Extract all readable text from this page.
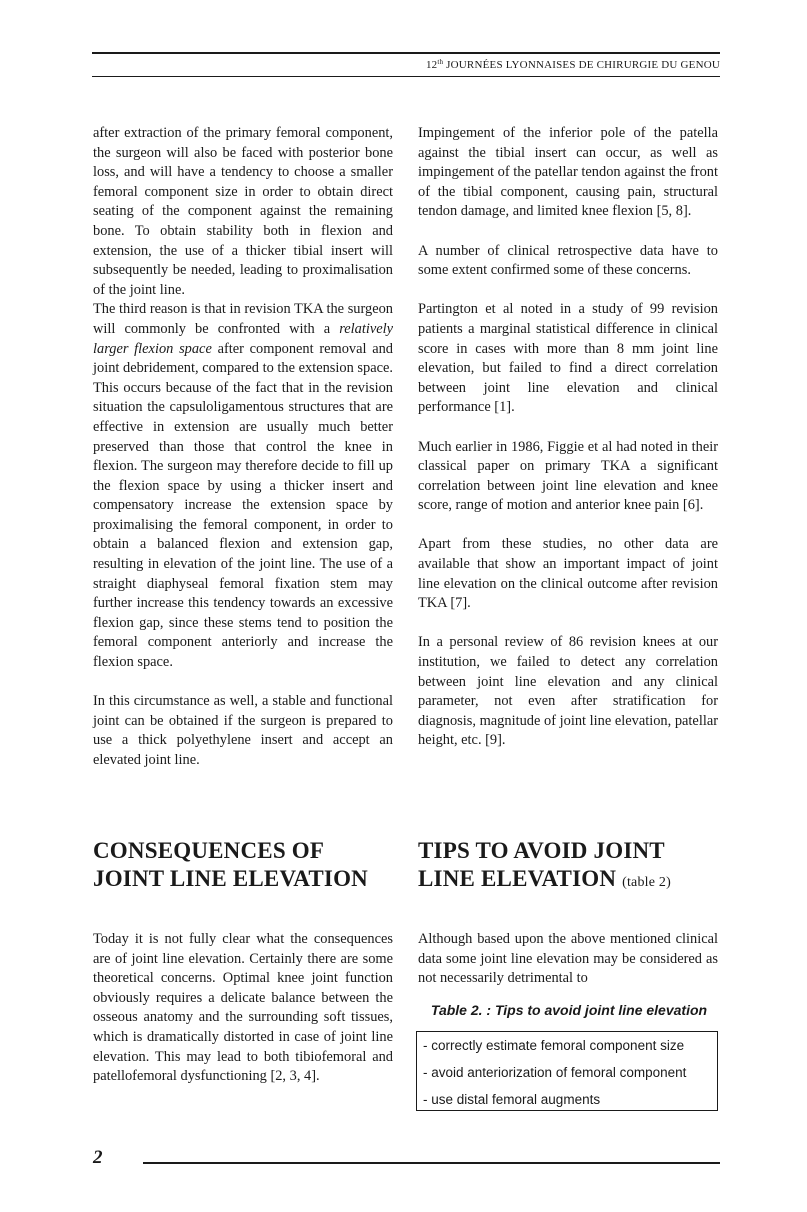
12th JOURNÉES LYONNAISES DE CHIRURGIE DU GENOU

after extraction of the primary femoral component, the surgeon will also be faced with posterior bone loss, and will have a tendency to choose a smaller femoral component size in order to obtain direct seating of the component against the remaining bone. To obtain stability both in flexion and extension, the use of a thicker tibial insert will subsequently be needed, leading to proximalisation of the joint line.

The third reason is that in revision TKA the surgeon will commonly be confronted with a relatively larger flexion space after component removal and joint debridement, compared to the extension space. This occurs because of the fact that in the revision situation the capsuloligamentous structures that are effective in extension are usually much better preserved than those that control the knee in flexion. The surgeon may therefore decide to fill up the flexion space by using a thicker insert and compensatory increase the extension space by proximalising the femoral component, in order to obtain a balanced flexion and extension gap, resulting in elevation of the joint line. The use of a straight diaphyseal femoral fixation stem may further increase this tendency towards an excessive flexion gap, since these stems tend to position the femoral component anteriorly and increase the flexion space.

In this circumstance as well, a stable and functional joint can be obtained if the surgeon is prepared to use a thick polyethylene insert and accept an elevated joint line.

Impingement of the inferior pole of the patella against the tibial insert can occur, as well as impingement of the patellar tendon against the front of the tibial component, causing pain, structural tendon damage, and limited knee flexion [5, 8].

A number of clinical retrospective data have to some extent confirmed some of these concerns.

Partington et al noted in a study of 99 revision patients a marginal statistical difference in clinical score in cases with more than 8 mm joint line elevation, but failed to find a direct correlation between joint line elevation and clinical performance [1].

Much earlier in 1986, Figgie et al had noted in their classical paper on primary TKA a significant correlation between joint line elevation and knee score, range of motion and anterior knee pain [6].

Apart from these studies, no other data are available that show an important impact of joint line elevation on the clinical outcome after revision TKA [7].

In a personal review of 86 revision knees at our institution, we failed to detect any correlation between joint line elevation and any clinical parameter, not even after stratification for diagnosis, magnitude of joint line elevation, patellar height, etc. [9].

CONSEQUENCES OF
JOINT LINE ELEVATION
TIPS TO AVOID JOINT
LINE ELEVATION (table 2)

Today it is not fully clear what the consequences are of joint line elevation. Certainly there are some theoretical concerns. Optimal knee joint function obviously requires a delicate balance between the osseous anatomy and the surrounding soft tissues, which is dramatically distorted in case of joint line elevation. This may lead to both tibiofemoral and patellofemoral dysfunctioning [2, 3, 4].

Although based upon the above mentioned clinical data some joint line elevation may be considered as not necessarily detrimental to

Table 2. : Tips to avoid joint line elevation
- correctly estimate femoral component size
- avoid anteriorization of femoral component
- use distal femoral augments
2
